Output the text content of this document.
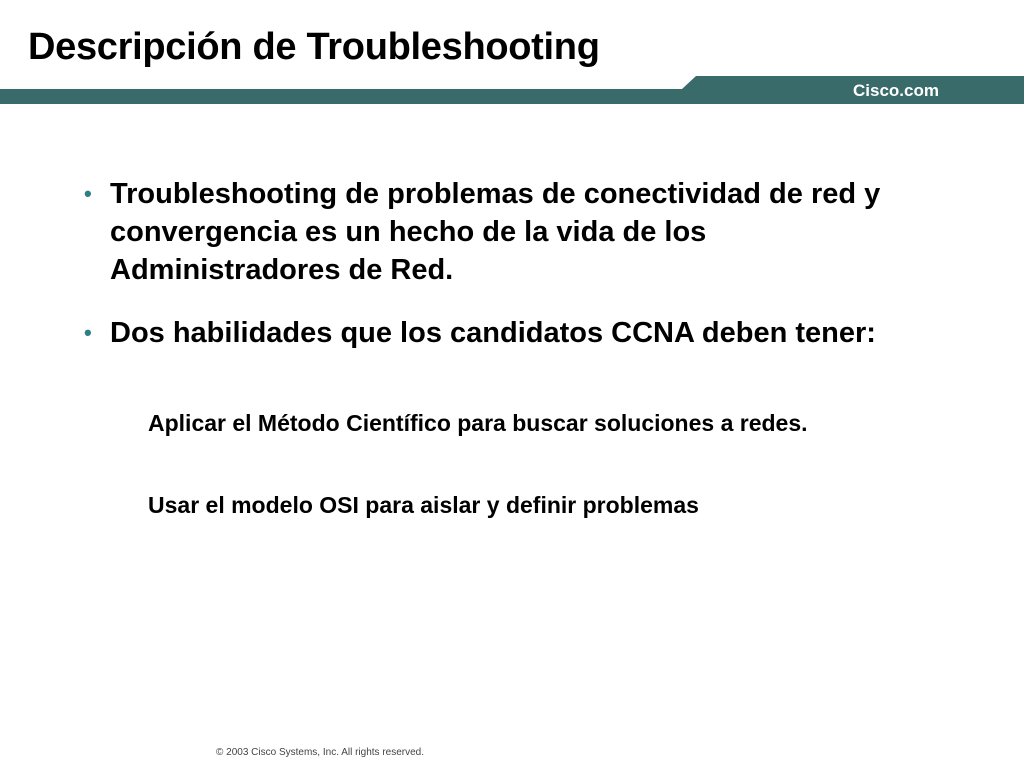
Descripción de Troubleshooting
Cisco.com

• Troubleshooting de problemas de conectividad de red y convergencia es un hecho de la vida de los Administradores de Red.

• Dos habilidades que los candidatos CCNA deben tener:

Aplicar el Método Científico para buscar soluciones a redes.

Usar el modelo OSI para aislar y definir problemas

© 2003 Cisco Systems, Inc. All rights reserved.
